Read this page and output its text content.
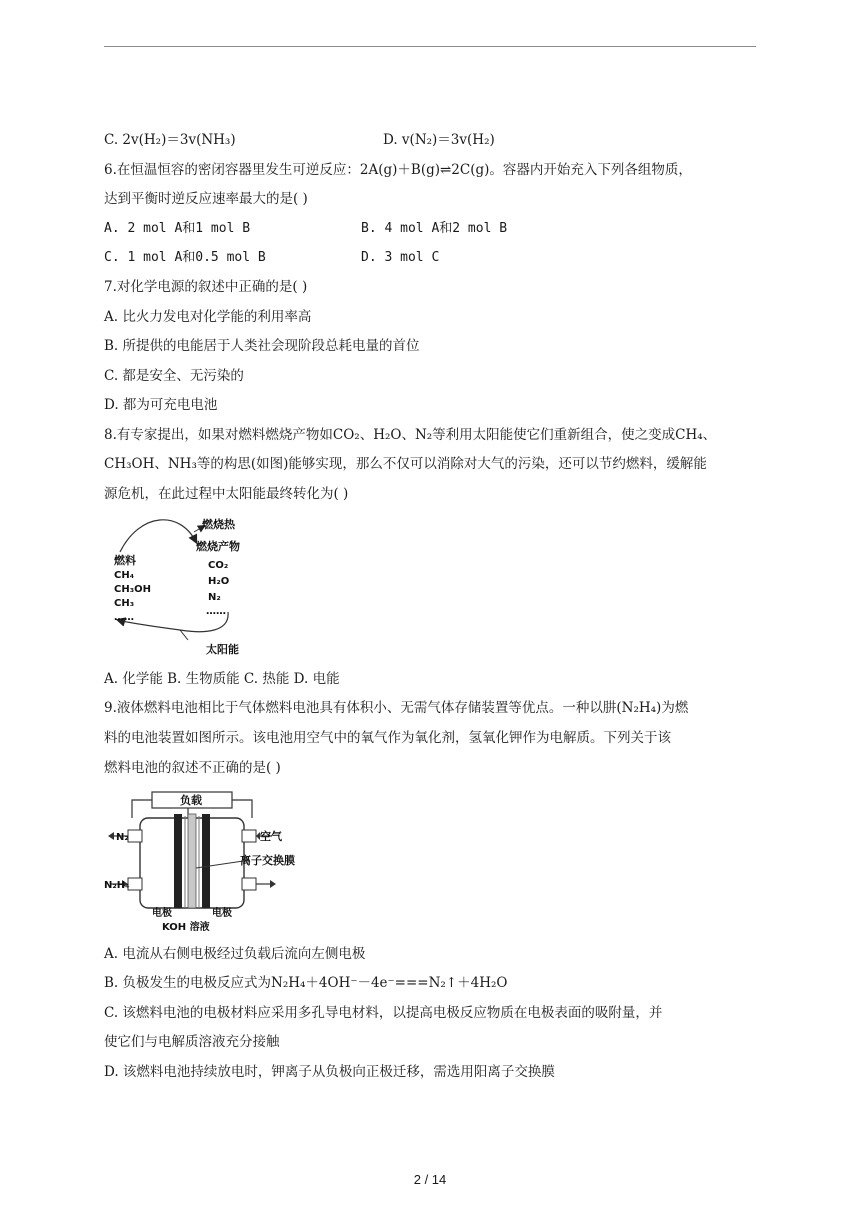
C. 2v(H₂)＝3v(NH₃)	D. v(N₂)＝3v(H₂)
6.在恒温恒容的密闭容器里发生可逆反应：2A(g)＋B(g)⇌2C(g)。容器内开始充入下列各组物质，
达到平衡时逆反应速率最大的是( )
A. 2 mol A和1 mol B	B. 4 mol A和2 mol B
C. 1 mol A和0.5 mol B	D. 3 mol C
7.对化学电源的叙述中正确的是( )
A. 比火力发电对化学能的利用率高
B. 所提供的电能居于人类社会现阶段总耗电量的首位
C. 都是安全、无污染的
D. 都为可充电电池
8.有专家提出，如果对燃料燃烧产物如CO₂、H₂O、N₂等利用太阳能使它们重新组合，使之变成CH₄、
CH₃OH、NH₃等的构思(如图)能够实现，那么不仅可以消除对大气的污染，还可以节约燃料，缓解能
源危机，在此过程中太阳能最终转化为( )
燃烧热
燃烧产物
CO₂
H₂O
N₂
……
燃料
CH₄
CH₃OH
CH₃
……
太阳能
A. 化学能 B. 生物质能 C. 热能 D. 电能
9.液体燃料电池相比于气体燃料电池具有体积小、无需气体存储装置等优点。一种以肼(N₂H₄)为燃
料的电池装置如图所示。该电池用空气中的氧气作为氧化剂，氢氧化钾作为电解质。下列关于该
燃料电池的叙述不正确的是( )
负载
N₂
N₂H₄
空气
离子交换膜
电极	电极
KOH 溶液
A. 电流从右侧电极经过负载后流向左侧电极
B. 负极发生的电极反应式为N₂H₄＋4OH⁻－4e⁻===N₂↑＋4H₂O
C. 该燃料电池的电极材料应采用多孔导电材料，以提高电极反应物质在电极表面的吸附量，并
使它们与电解质溶液充分接触
D. 该燃料电池持续放电时，钾离子从负极向正极迁移，需选用阳离子交换膜
2 / 14
